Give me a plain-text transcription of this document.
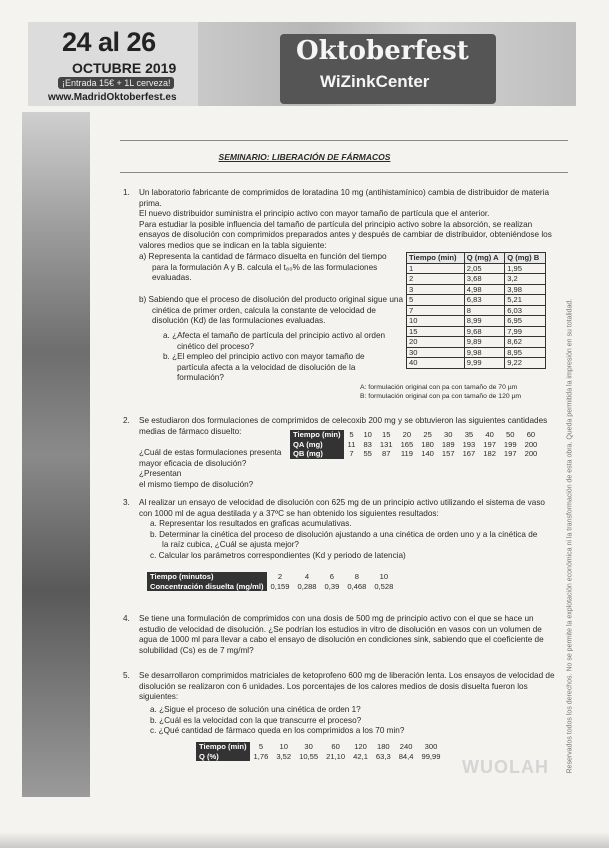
24 al 26
OCTUBRE 2019
¡Entrada 15€ + 1L cerveza!
www.MadridOktoberfest.es
Oktoberfest
WiZinkCenter
Reservados todos los derechos. No se permite la explotación económica ni la transformación de esta obra. Queda permitida la impresión en su totalidad.
SEMINARIO: LIBERACIÓN DE FÁRMACOS
1. Un laboratorio fabricante de comprimidos de loratadina 10 mg (antihistamínico) cambia de distribuidor de materia
prima.
El nuevo distribuidor suministra el principio activo con mayor tamaño de partícula que el anterior.
Para estudiar la posible influencia del tamaño de partícula del principio activo sobre la absorción, se realizan
ensayos de disolución con comprimidos preparados antes y después de cambiar de distribuidor, obteniéndose los
valores medios que se indican en la tabla siguiente:
a) Representa la cantidad de fármaco disuelta en función del tiempo
para la formulación A y B. calcula el t₈₀% de las formulaciones
evaluadas.
b) Sabiendo que el proceso de disolución del producto original sigue una
cinética de primer orden, calcula la constante de velocidad de
disolución (Kd) de las formulaciones evaluadas.
a. ¿Afecta el tamaño de partícula del principio activo al orden
cinético del proceso?
b. ¿El empleo del principio activo con mayor tamaño de
partícula afecta a la velocidad de disolución de la
formulación?
A: formulación original con pa con tamaño de 70 µm
B: formulación original con pa con tamaño de 120 µm
Tiempo (min)	Q (mg) A	Q (mg) B
1	2,05	1,95
2	3,68	3,2
3	4,98	3,98
5	6,83	5,21
7	8	6,03
10	8,99	6,95
15	9,68	7,99
20	9,89	8,62
30	9,98	8,95
40	9,99	9,22
2. Se estudiaron dos formulaciones de comprimidos de celecoxib 200 mg y se obtuvieron las siguientes cantidades
medias de fármaco disuelto:
¿Cuál de estas formulaciones presenta
mayor eficacia de disolución? ¿Presentan
el mismo tiempo de disolución?
Tiempo (min)	5	10	15	20	25	30	35	40	50	60
QA (mg)	11	83	131	165	180	189	193	197	199	200
QB (mg)	7	55	87	119	140	157	167	182	197	200
3. Al realizar un ensayo de velocidad de disolución con 625 mg de un principio activo utilizando el sistema de vaso
con 1000 ml de agua destilada y a 37ºC se han obtenido los siguientes resultados:
a. Representar los resultados en graficas acumulativas.
b. Determinar la cinética del proceso de disolución ajustando a una cinética de orden uno y a la cinética de
la raíz cubica, ¿Cuál se ajusta mejor?
c. Calcular los parámetros correspondientes (Kd y periodo de latencia)
Tiempo (minutos)	2	4	6	8	10
Concentración disuelta (mg/ml)	0,159	0,288	0,39	0,468	0,528
4. Se tiene una formulación de comprimidos con una dosis de 500 mg de principio activo con el que se hace un
estudio de velocidad de disolución. ¿Se podrían los estudios in vitro de disolución en vasos con un volumen de
agua de 1000 ml para llevar a cabo el ensayo de disolución en condiciones sink, sabiendo que el coeficiente de
solubilidad (Cs) es de 7 mg/ml?
5. Se desarrollaron comprimidos matriciales de ketoprofeno 600 mg de liberación lenta. Los ensayos de velocidad de
disolución se realizaron con 6 unidades. Los porcentajes de los calores medios de dosis disuelta fueron los
siguientes:
a. ¿Sigue el proceso de solución una cinética de orden 1?
b. ¿Cuál es la velocidad con la que transcurre el proceso?
c. ¿Qué cantidad de fármaco queda en los comprimidos a los 70 min?
Tiempo (min)	5	10	30	60	120	180	240	300
Q (%)	1,76	3,52	10,55	21,10	42,1	63,3	84,4	99,99
WUOLAH
